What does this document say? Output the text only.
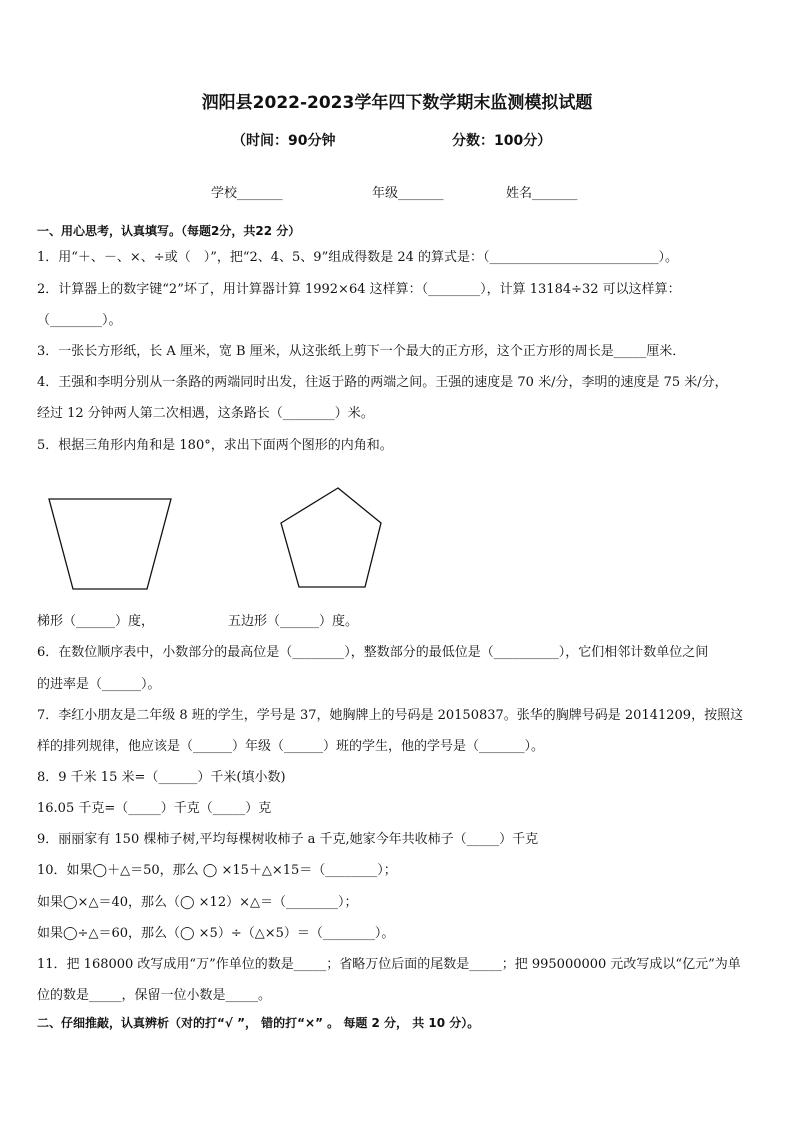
泗阳县2022-2023学年四下数学期末监测模拟试题
（时间：90分钟	分数：100分）
学校_______	年级_______	姓名_______
一、用心思考，认真填写。（每题2分，共22 分）
1．用“＋、－、×、÷或（　）”，把“2、4、5、9”组成得数是 24 的算式是：（__________________________）。
2．计算器上的数字键“2”坏了，用计算器计算 1992×64 这样算：（________），计算 13184÷32 可以这样算：
（________）。
3．一张长方形纸，长 A 厘米，宽 B 厘米，从这张纸上剪下一个最大的正方形，这个正方形的周长是_____厘米．
4．王强和李明分别从一条路的两端同时出发，往返于路的两端之间。王强的速度是 70 米/分，李明的速度是 75 米/分，
经过 12 分钟两人第二次相遇，这条路长（________）米。
5．根据三角形内角和是 180°，求出下面两个图形的内角和。
梯形（______）度，	五边形（______）度。
6．在数位顺序表中，小数部分的最高位是（________），整数部分的最低位是（__________），它们相邻计数单位之间
的进率是（______）。
7．李红小朋友是二年级 8 班的学生，学号是 37，她胸牌上的号码是 20150837。张华的胸牌号码是 20141209，按照这
样的排列规律，他应该是（______）年级（______）班的学生，他的学号是（_______）。
8．9 千米 15 米=（______）千米(填小数)
16.05 千克=（_____）千克（_____）克
9．丽丽家有 150 棵柿子树,平均每棵树收柿子 a 千克,她家今年共收柿子（_____）千克
10．如果◯＋△＝50，那么 ◯ ×15＋△×15＝（________）；
如果◯×△＝40，那么（◯ ×12）×△＝（________）；
如果◯÷△＝60，那么（◯ ×5）÷（△×5）＝（________）。
11．把 168000 改写成用“万”作单位的数是_____；省略万位后面的尾数是_____；把 995000000 元改写成以“亿元”为单
位的数是_____，保留一位小数是_____。
二、仔细推敲，认真辨析（对的打“√ ”， 错的打“×” 。 每题 2 分， 共 10 分）。
